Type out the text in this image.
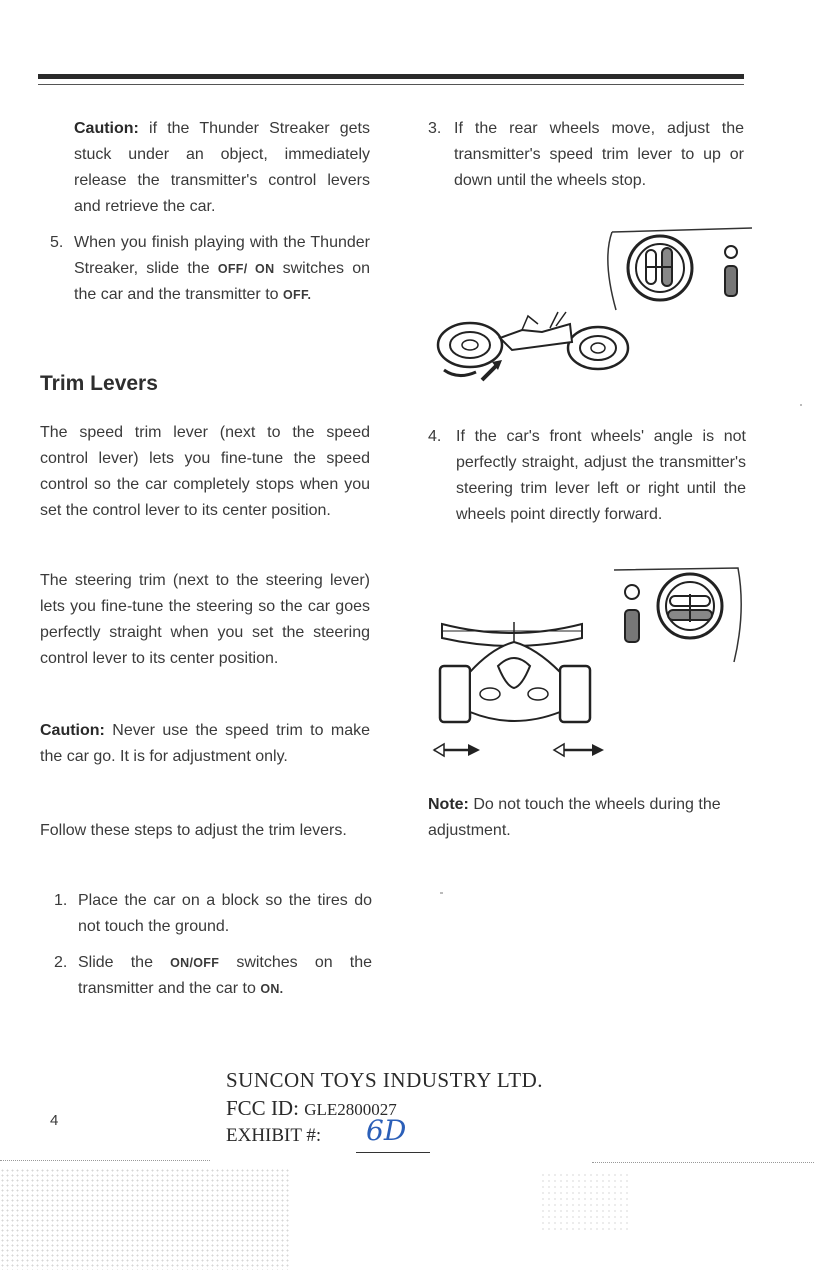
Caution: if the Thunder Streaker gets stuck under an object, immediately release the transmitter's control levers and retrieve the car.
5. When you finish playing with the Thunder Streaker, slide the OFF/ ON switches on the car and the transmitter to OFF.
Trim Levers
The speed trim lever (next to the speed control lever) lets you fine-tune the speed control so the car completely stops when you set the control lever to its center position.
The steering trim (next to the steering lever) lets you fine-tune the steering so the car goes perfectly straight when you set the steering control lever to its center position.
Caution: Never use the speed trim to make the car go. It is for adjustment only.
Follow these steps to adjust the trim levers.
1. Place the car on a block so the tires do not touch the ground.
2. Slide the ON/OFF switches on the transmitter and the car to ON.
3. If the rear wheels move, adjust the transmitter's speed trim lever to up or down until the wheels stop.
4. If the car's front wheels' angle is not perfectly straight, adjust the transmitter's steering trim lever left or right until the wheels point directly forward.
Note: Do not touch the wheels during the adjustment.
4
SUNCON TOYS INDUSTRY LTD.
FCC ID: GLE2800027
EXHIBIT #: 6D
